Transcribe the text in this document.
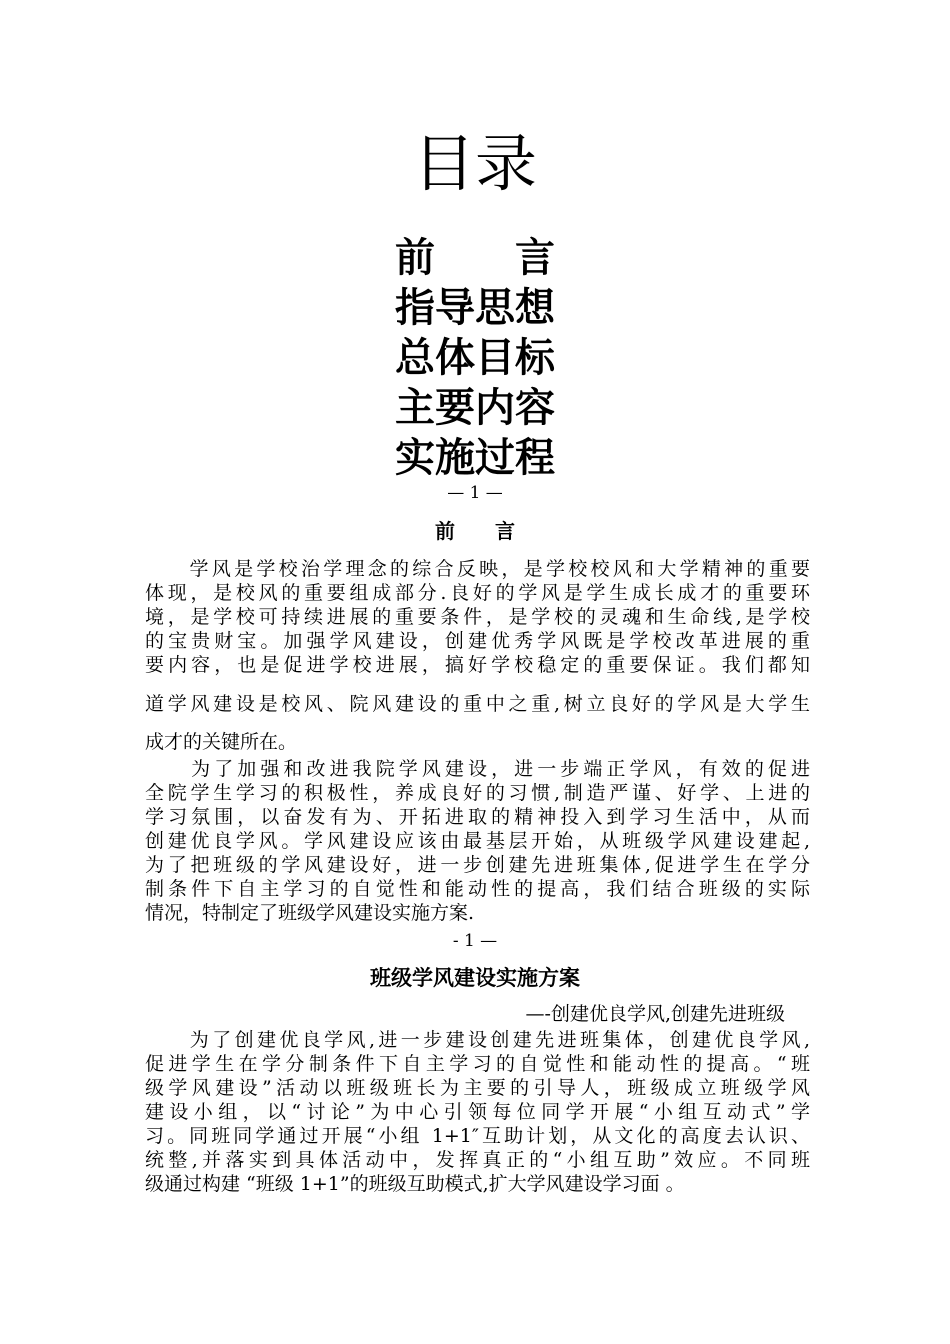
目录
前　　言
指导思想
总体目标
主要内容
实施过程
— 1 —
前　　言
　　学风是学校治学理念的综合反映，是学校校风和大学精神的重要
体现，是校风的重要组成部分.良好的学风是学生成长成才的重要环
境，是学校可持续进展的重要条件，是学校的灵魂和生命线,是学校
的宝贵财宝。加强学风建设，创建优秀学风既是学校改革进展的重
要内容，也是促进学校进展，搞好学校稳定的重要保证。我们都知
道学风建设是校风、院风建设的重中之重,树立良好的学风是大学生
成才的关键所在。
　　为了加强和改进我院学风建设，进一步端正学风，有效的促进
全院学生学习的积极性，养成良好的习惯,制造严谨、好学、上进的
学习氛围，以奋发有为、开拓进取的精神投入到学习生活中，从而
创建优良学风。学风建设应该由最基层开始，从班级学风建设建起,
为了把班级的学风建设好，进一步创建先进班集体,促进学生在学分
制条件下自主学习的自觉性和能动性的提高，我们结合班级的实际
情况，特制定了班级学风建设实施方案.
- 1 —
班级学风建设实施方案
—-创建优良学风,创建先进班级
　　为了创建优良学风,进一步建设创建先进班集体，创建优良学风,
促进学生在学分制条件下自主学习的自觉性和能动性的提高。“班
级学风建设”活动以班级班长为主要的引导人，班级成立班级学风
建设小组，以“讨论”为中心引领每位同学开展“小组互动式”学
习。同班同学通过开展“小组 1+1″互助计划，从文化的高度去认识、
统整,并落实到具体活动中，发挥真正的“小组互助”效应。不同班
级通过构建 “班级 1+1”的班级互助模式,扩大学风建设学习面 。
